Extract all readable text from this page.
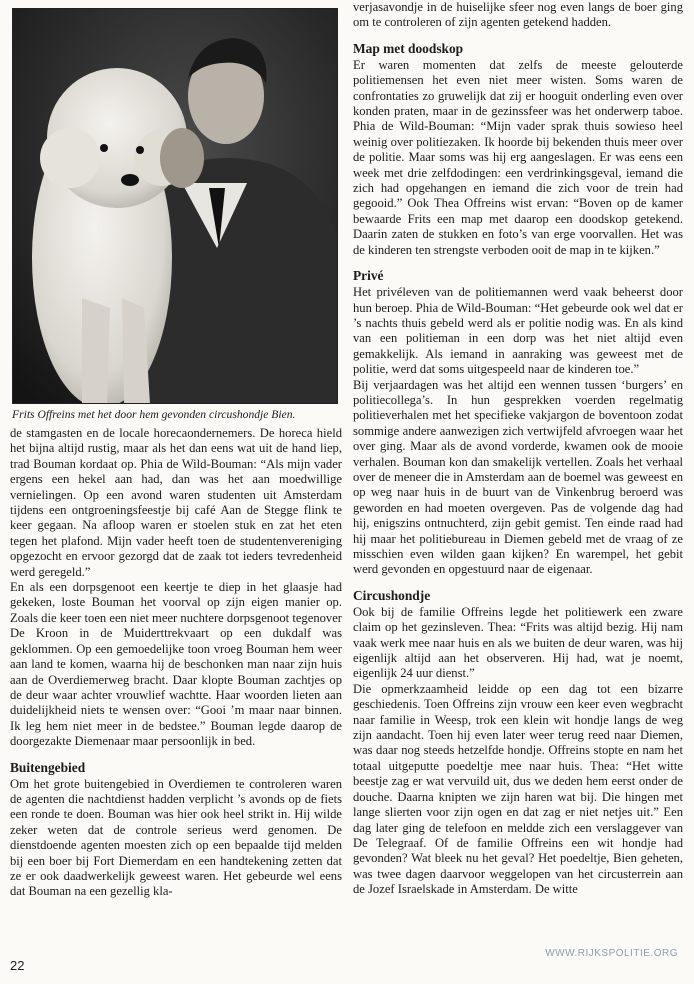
Frits Offreins met het door hem gevonden circushondje Bien.

de stamgasten en de locale horecaondernemers. De horeca hield het bijna altijd rustig, maar als het dan eens wat uit de hand liep, trad Bouman kordaat op. Phia de Wild-Bouman: “Als mijn vader ergens een hekel aan had, dan was het aan moedwillige vernielingen. Op een avond waren studenten uit Amsterdam tijdens een ontgroeningsfeestje bij café Aan de Stegge flink te keer gegaan. Na afloop waren er stoelen stuk en zat het eten tegen het plafond. Mijn vader heeft toen de studentenvereniging opgezocht en ervoor gezorgd dat de zaak tot ieders tevredenheid werd geregeld.”

En als een dorpsgenoot een keertje te diep in het glaasje had gekeken, loste Bouman het voorval op zijn eigen manier op. Zoals die keer toen een niet meer nuchtere dorpsgenoot tegenover De Kroon in de Muiderttrekvaart op een dukdalf was geklommen. Op een gemoedelijke toon vroeg Bouman hem weer aan land te komen, waarna hij de beschonken man naar zijn huis aan de Overdiemerweg bracht. Daar klopte Bouman zachtjes op de deur waar achter vrouwlief wachtte. Haar woorden lieten aan duidelijkheid niets te wensen over: “Gooi ’m maar naar binnen. Ik leg hem niet meer in de bedstee.” Bouman legde daarop de doorgezakte Diemenaar maar persoonlijk in bed.

Buitengebied

Om het grote buitengebied in Overdiemen te controleren waren de agenten die nachtdienst hadden verplicht ’s avonds op de fiets een ronde te doen. Bouman was hier ook heel strikt in. Hij wilde zeker weten dat de controle serieus werd genomen. De dienstdoende agenten moesten zich op een bepaalde tijd melden bij een boer bij Fort Diemerdam en een handtekening zetten dat ze er ook daadwerkelijk geweest waren. Het gebeurde wel eens dat Bouman na een gezellig kla-

verjasavondje in de huiselijke sfeer nog even langs de boer ging om te controleren of zijn agenten getekend hadden.

Map met doodskop

Er waren momenten dat zelfs de meeste gelouterde politiemensen het even niet meer wisten. Soms waren de confrontaties zo gruwelijk dat zij er hooguit onderling even over konden praten, maar in de gezinssfeer was het onderwerp taboe. Phia de Wild-Bouman: “Mijn vader sprak thuis sowieso heel weinig over politiezaken. Ik hoorde bij bekenden thuis meer over de politie. Maar soms was hij erg aangeslagen. Er was eens een week met drie zelfdodingen: een verdrinkingsgeval, iemand die zich had opgehangen en iemand die zich voor de trein had gegooid.” Ook Thea Offreins wist ervan: “Boven op de kamer bewaarde Frits een map met daarop een doodskop getekend. Daarin zaten de stukken en foto’s van erge voorvallen. Het was de kinderen ten strengste verboden ooit de map in te kijken.”

Privé

Het privéleven van de politiemannen werd vaak beheerst door hun beroep. Phia de Wild-Bouman: “Het gebeurde ook wel dat er ’s nachts thuis gebeld werd als er politie nodig was. En als kind van een politieman in een dorp was het niet altijd even gemakkelijk. Als iemand in aanraking was geweest met de politie, werd dat soms uitgespeeld naar de kinderen toe.”

Bij verjaardagen was het altijd een wennen tussen ‘burgers’ en politiecollega’s. In hun gesprekken voerden regelmatig politieverhalen met het specifieke vakjargon de boventoon zodat sommige andere aanwezigen zich vertwijfeld afvroegen waar het over ging. Maar als de avond vorderde, kwamen ook de mooie verhalen. Bouman kon dan smakelijk vertellen. Zoals het verhaal over de meneer die in Amsterdam aan de boemel was geweest en op weg naar huis in de buurt van de Vinkenbrug beroerd was geworden en had moeten overgeven. Pas de volgende dag had hij, enigszins ontnuchterd, zijn gebit gemist. Ten einde raad had hij maar het politiebureau in Diemen gebeld met de vraag of ze misschien even wilden gaan kijken? En warempel, het gebit werd gevonden en opgestuurd naar de eigenaar.

Circushondje

Ook bij de familie Offreins legde het politiewerk een zware claim op het gezinsleven. Thea: “Frits was altijd bezig. Hij nam vaak werk mee naar huis en als we buiten de deur waren, was hij eigenlijk altijd aan het observeren. Hij had, wat je noemt, eigenlijk 24 uur dienst.”

Die opmerkzaamheid leidde op een dag tot een bizarre geschiedenis. Toen Offreins zijn vrouw een keer even wegbracht naar familie in Weesp, trok een klein wit hondje langs de weg zijn aandacht. Toen hij even later weer terug reed naar Diemen, was daar nog steeds hetzelfde hondje. Offreins stopte en nam het totaal uitgeputte poedeltje mee naar huis. Thea: “Het witte beestje zag er wat vervuild uit, dus we deden hem eerst onder de douche. Daarna knipten we zijn haren wat bij. Die hingen met lange slierten voor zijn ogen en dat zag er niet netjes uit.” Een dag later ging de telefoon en meldde zich een verslaggever van De Telegraaf. Of de familie Offreins een wit hondje had gevonden? Wat bleek nu het geval? Het poedeltje, Bien geheten, was twee dagen daarvoor weggelopen van het circusterrein aan de Jozef Israelskade in Amsterdam. De witte

22
WWW.RIJKSPOLITIE.ORG
